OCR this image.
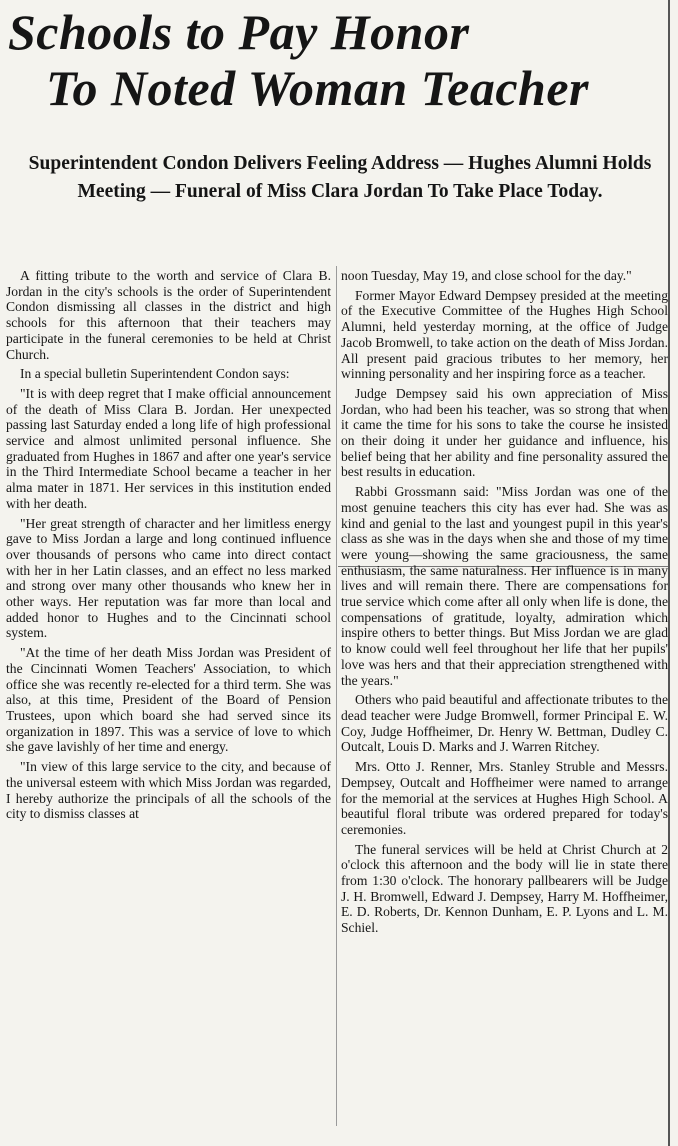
Schools to Pay Honor
To Noted Woman Teacher
Superintendent Condon Delivers Feeling Address — Hughes Alumni Holds Meeting — Funeral of Miss Clara Jordan To Take Place Today.

A fitting tribute to the worth and service of Clara B. Jordan in the city's schools is the order of Superintendent Condon dismissing all classes in the district and high schools for this afternoon that their teachers may participate in the funeral ceremonies to be held at Christ Church.

In a special bulletin Superintendent Condon says:

"It is with deep regret that I make official announcement of the death of Miss Clara B. Jordan. Her unexpected passing last Saturday ended a long life of high professional service and almost unlimited personal influence. She graduated from Hughes in 1867 and after one year's service in the Third Intermediate School became a teacher in her alma mater in 1871. Her services in this institution ended with her death.

"Her great strength of character and her limitless energy gave to Miss Jordan a large and long continued influence over thousands of persons who came into direct contact with her in her Latin classes, and an effect no less marked and strong over many other thousands who knew her in other ways. Her reputation was far more than local and added honor to Hughes and to the Cincinnati school system.

"At the time of her death Miss Jordan was President of the Cincinnati Women Teachers' Association, to which office she was recently re-elected for a third term. She was also, at this time, President of the Board of Pension Trustees, upon which board she had served since its organization in 1897. This was a service of love to which she gave lavishly of her time and energy.

"In view of this large service to the city, and because of the universal esteem with which Miss Jordan was regarded, I hereby authorize the principals of all the schools of the city to dismiss classes at

noon Tuesday, May 19, and close school for the day."

Former Mayor Edward Dempsey presided at the meeting of the Executive Committee of the Hughes High School Alumni, held yesterday morning, at the office of Judge Jacob Bromwell, to take action on the death of Miss Jordan. All present paid gracious tributes to her memory, her winning personality and her inspiring force as a teacher.

Judge Dempsey said his own appreciation of Miss Jordan, who had been his teacher, was so strong that when it came the time for his sons to take the course he insisted on their doing it under her guidance and influence, his belief being that her ability and fine personality assured the best results in education.

Rabbi Grossmann said: "Miss Jordan was one of the most genuine teachers this city has ever had. She was as kind and genial to the last and youngest pupil in this year's class as she was in the days when she and those of my time were young—showing the same graciousness, the same enthusiasm, the same naturalness. Her influence is in many lives and will remain there. There are compensations for true service which come after all only when life is done, the compensations of gratitude, loyalty, admiration which inspire others to better things. But Miss Jordan we are glad to know could well feel throughout her life that her pupils' love was hers and that their appreciation strengthened with the years."

Others who paid beautiful and affectionate tributes to the dead teacher were Judge Bromwell, former Principal E. W. Coy, Judge Hoffheimer, Dr. Henry W. Bettman, Dudley C. Outcalt, Louis D. Marks and J. Warren Ritchey.

Mrs. Otto J. Renner, Mrs. Stanley Struble and Messrs. Dempsey, Outcalt and Hoffheimer were named to arrange for the memorial at the services at Hughes High School. A beautiful floral tribute was ordered prepared for today's ceremonies.

The funeral services will be held at Christ Church at 2 o'clock this afternoon and the body will lie in state there from 1:30 o'clock. The honorary pallbearers will be Judge J. H. Bromwell, Edward J. Dempsey, Harry M. Hoffheimer, E. D. Roberts, Dr. Kennon Dunham, E. P. Lyons and L. M. Schiel.
